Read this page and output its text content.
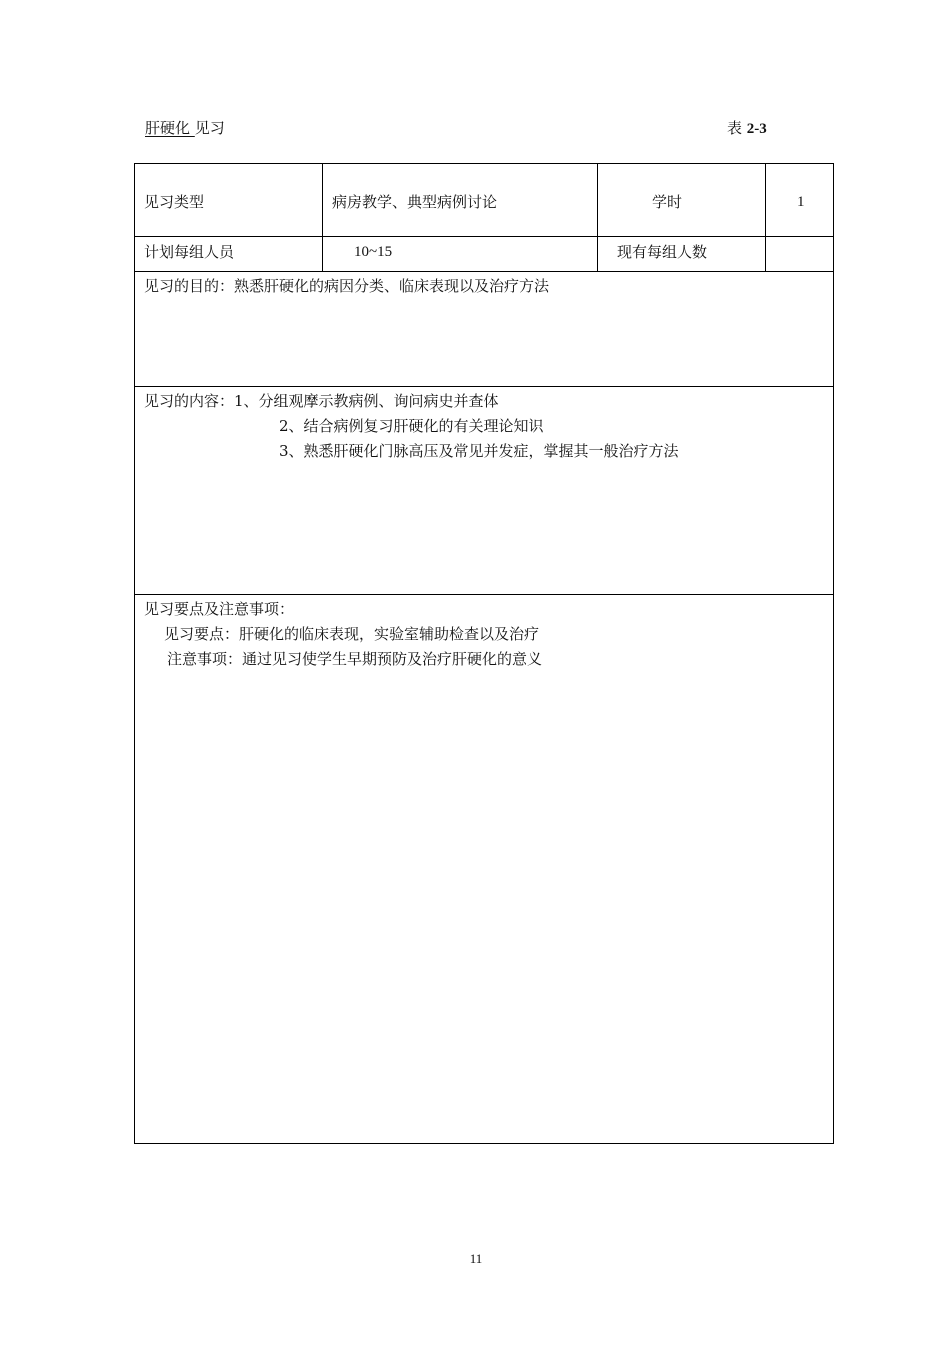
肝硬化 见习	表 2-3
见习类型	病房教学、典型病例讨论	学时	1
计划每组人员	10~15	现有每组人数
见习的目的：熟悉肝硬化的病因分类、临床表现以及治疗方法
见习的内容：1、分组观摩示教病例、询问病史并查体
2、结合病例复习肝硬化的有关理论知识
3、熟悉肝硬化门脉高压及常见并发症，掌握其一般治疗方法
见习要点及注意事项：
见习要点：肝硬化的临床表现，实验室辅助检查以及治疗
注意事项：通过见习使学生早期预防及治疗肝硬化的意义
11
